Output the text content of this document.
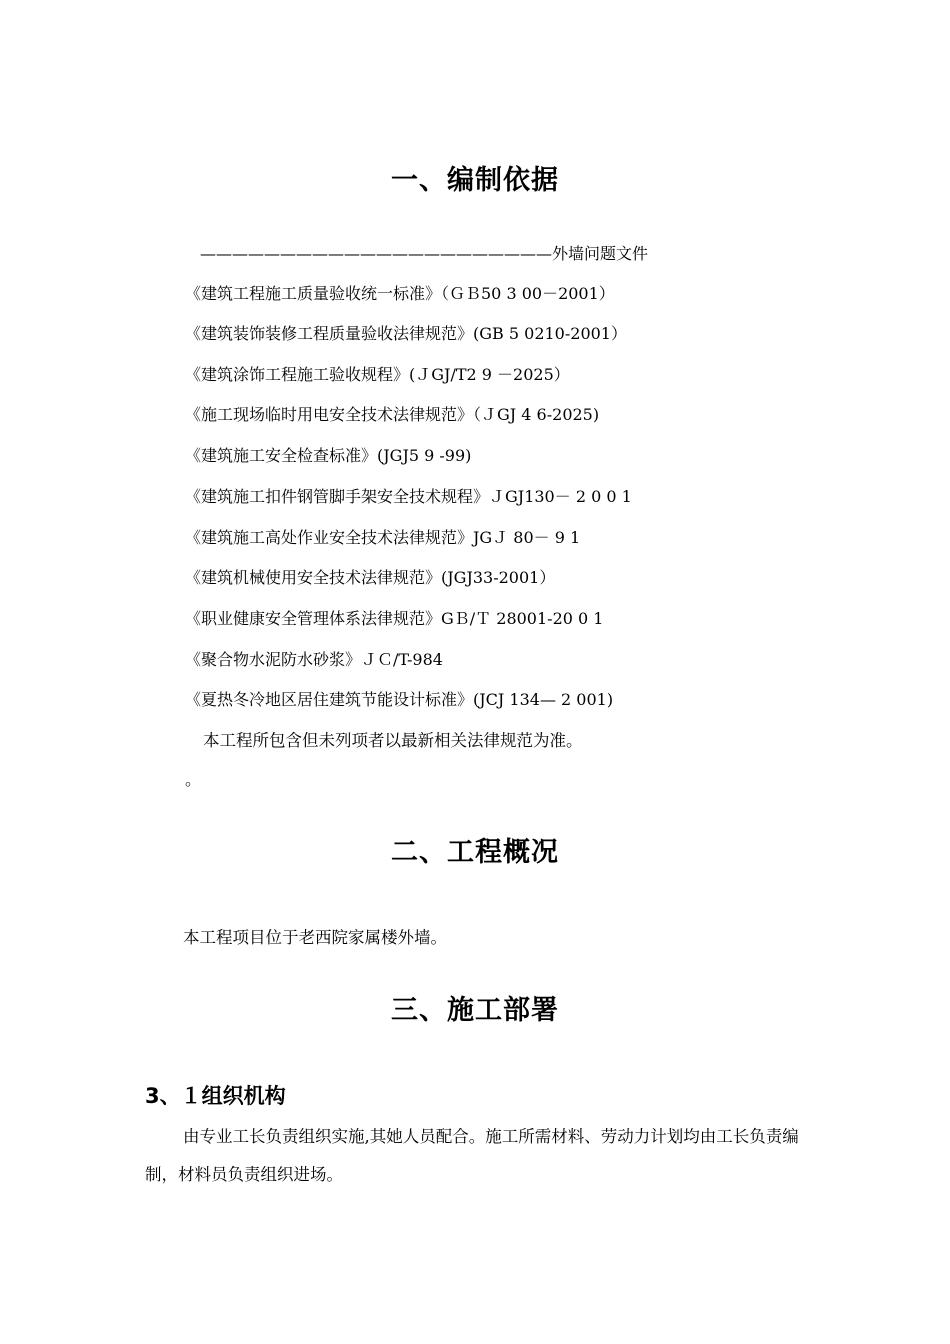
一、编制依据
——————————————————————外墙问题文件
《建筑工程施工质量验收统一标准》（ＧＢ50 3 00－2001）
《建筑装饰装修工程质量验收法律规范》(GB 5 0210-2001）
《建筑涂饰工程施工验收规程》(ＪGJ/T2 9 －2025）
《施工现场临时用电安全技术法律规范》（ＪGJ 4 6-2025)
《建筑施工安全检查标准》(JGJ5 9 -99)
《建筑施工扣件钢管脚手架安全技术规程》ＪGJ130－ 2 0 0 1
《建筑施工高处作业安全技术法律规范》JGＪ 80－ 9 1
《建筑机械使用安全技术法律规范》(JGJ33-2001）
《职业健康安全管理体系法律规范》GＢ/Ｔ 28001-20 0 1
《聚合物水泥防水砂浆》ＪＣ/T-984
《夏热冬冷地区居住建筑节能设计标准》(JCJ 134— 2 001)
本工程所包含但未列项者以最新相关法律规范为准。
。
二、工程概况
本工程项目位于老西院家属楼外墙。
三、施工部署
3、１组织机构
由专业工长负责组织实施,其她人员配合。施工所需材料、劳动力计划均由工长负责编制，材料员负责组织进场。
